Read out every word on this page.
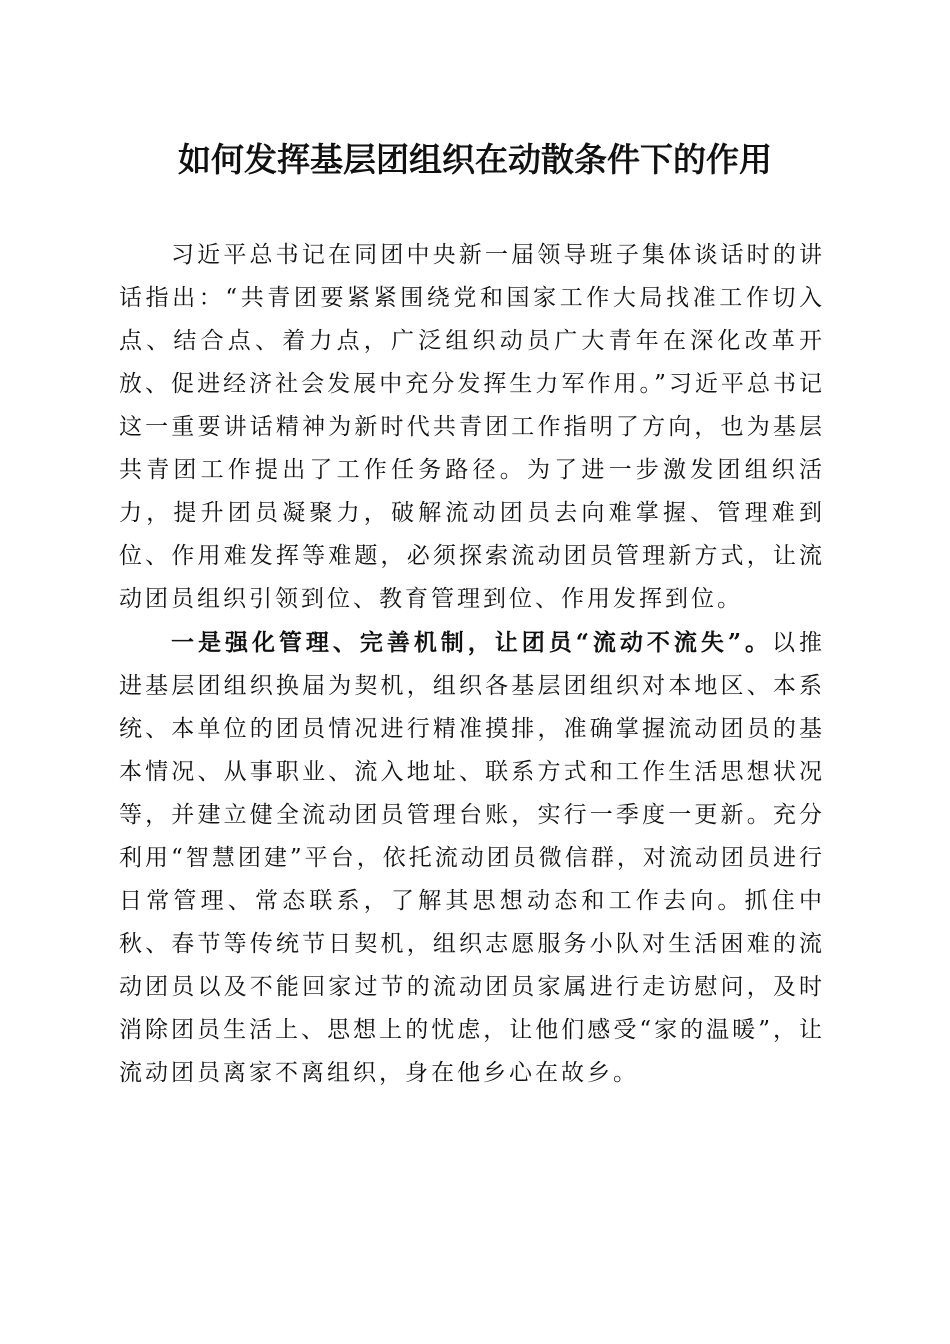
如何发挥基层团组织在动散条件下的作用

习近平总书记在同团中央新一届领导班子集体谈话时的讲话指出：“共青团要紧紧围绕党和国家工作大局找准工作切入点、结合点、着力点，广泛组织动员广大青年在深化改革开放、促进经济社会发展中充分发挥生力军作用。”习近平总书记这一重要讲话精神为新时代共青团工作指明了方向，也为基层共青团工作提出了工作任务路径。为了进一步激发团组织活力，提升团员凝聚力，破解流动团员去向难掌握、管理难到位、作用难发挥等难题，必须探索流动团员管理新方式，让流动团员组织引领到位、教育管理到位、作用发挥到位。

一是强化管理、完善机制，让团员“流动不流失”。以推进基层团组织换届为契机，组织各基层团组织对本地区、本系统、本单位的团员情况进行精准摸排，准确掌握流动团员的基本情况、从事职业、流入地址、联系方式和工作生活思想状况等，并建立健全流动团员管理台账，实行一季度一更新。充分利用“智慧团建”平台，依托流动团员微信群，对流动团员进行日常管理、常态联系，了解其思想动态和工作去向。抓住中秋、春节等传统节日契机，组织志愿服务小队对生活困难的流动团员以及不能回家过节的流动团员家属进行走访慰问，及时消除团员生活上、思想上的忧虑，让他们感受“家的温暖”，让流动团员离家不离组织，身在他乡心在故乡。
